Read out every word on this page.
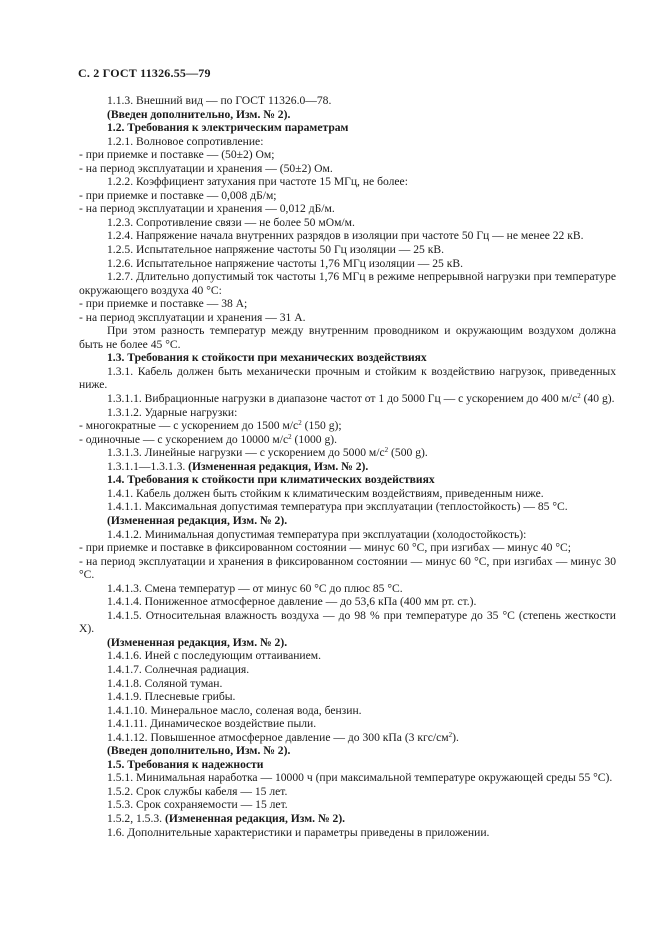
С. 2 ГОСТ 11326.55—79

1.1.3. Внешний вид — по ГОСТ 11326.0—78.

(Введен дополнительно, Изм. № 2).

1.2. Требования к электрическим параметрам

1.2.1. Волновое сопротивление:

- при приемке и поставке — (50±2) Ом;

- на период эксплуатации и хранения — (50±2) Ом.

1.2.2. Коэффициент затухания при частоте 15 МГц, не более:

- при приемке и поставке — 0,008 дБ/м;

- на период эксплуатации и хранения — 0,012 дБ/м.

1.2.3. Сопротивление связи — не более 50 мОм/м.

1.2.4. Напряжение начала внутренних разрядов в изоляции при частоте 50 Гц — не менее 22 кВ.

1.2.5. Испытательное напряжение частоты 50 Гц изоляции — 25 кВ.

1.2.6. Испытательное напряжение частоты 1,76 МГц изоляции — 25 кВ.

1.2.7. Длительно допустимый ток частоты 1,76 МГц в режиме непрерывной нагрузки при температуре окружающего воздуха 40 °С:

- при приемке и поставке — 38 А;

- на период эксплуатации и хранения — 31 А.

При этом разность температур между внутренним проводником и окружающим воздухом должна быть не более 45 °С.

1.3. Требования к стойкости при механических воздействиях

1.3.1. Кабель должен быть механически прочным и стойким к воздействию нагрузок, приведенных ниже.

1.3.1.1. Вибрационные нагрузки в диапазоне частот от 1 до 5000 Гц — с ускорением до 400 $м/с^2$ (40 g).

1.3.1.2. Ударные нагрузки:

- многократные — с ускорением до 1500 $м/с^2$ (150 g);

- одиночные — с ускорением до 10000 $м/с^2$ (1000 g).

1.3.1.3. Линейные нагрузки — с ускорением до 5000 $м/с^2$ (500 g).

1.3.1.1—1.3.1.3. (Измененная редакция, Изм. № 2).

1.4. Требования к стойкости при климатических воздействиях

1.4.1. Кабель должен быть стойким к климатическим воздействиям, приведенным ниже.

1.4.1.1. Максимальная допустимая температура при эксплуатации (теплостойкость) — 85 °С.

(Измененная редакция, Изм. № 2).

1.4.1.2. Минимальная допустимая температура при эксплуатации (холодостойкость):

- при приемке и поставке в фиксированном состоянии — минус 60 °С, при изгибах — минус 40 °С;

- на период эксплуатации и хранения в фиксированном состоянии — минус 60 °С, при изгибах — минус 30 °С.

1.4.1.3. Смена температур — от минус 60 °С до плюс 85 °С.

1.4.1.4. Пониженное атмосферное давление — до 53,6 кПа (400 мм рт. ст.).

1.4.1.5. Относительная влажность воздуха — до 98 % при температуре до 35 °С (степень жесткости X).

(Измененная редакция, Изм. № 2).

1.4.1.6. Иней с последующим оттаиванием.

1.4.1.7. Солнечная радиация.

1.4.1.8. Соляной туман.

1.4.1.9. Плесневые грибы.

1.4.1.10. Минеральное масло, соленая вода, бензин.

1.4.1.11. Динамическое воздействие пыли.

1.4.1.12. Повышенное атмосферное давление — до 300 кПа (3 кгс/$см^2$).

(Введен дополнительно, Изм. № 2).

1.5. Требования к надежности

1.5.1. Минимальная наработка — 10000 ч (при максимальной температуре окружающей среды 55 °С).

1.5.2. Срок службы кабеля — 15 лет.

1.5.3. Срок сохраняемости — 15 лет.

1.5.2, 1.5.3. (Измененная редакция, Изм. № 2).

1.6. Дополнительные характеристики и параметры приведены в приложении.
